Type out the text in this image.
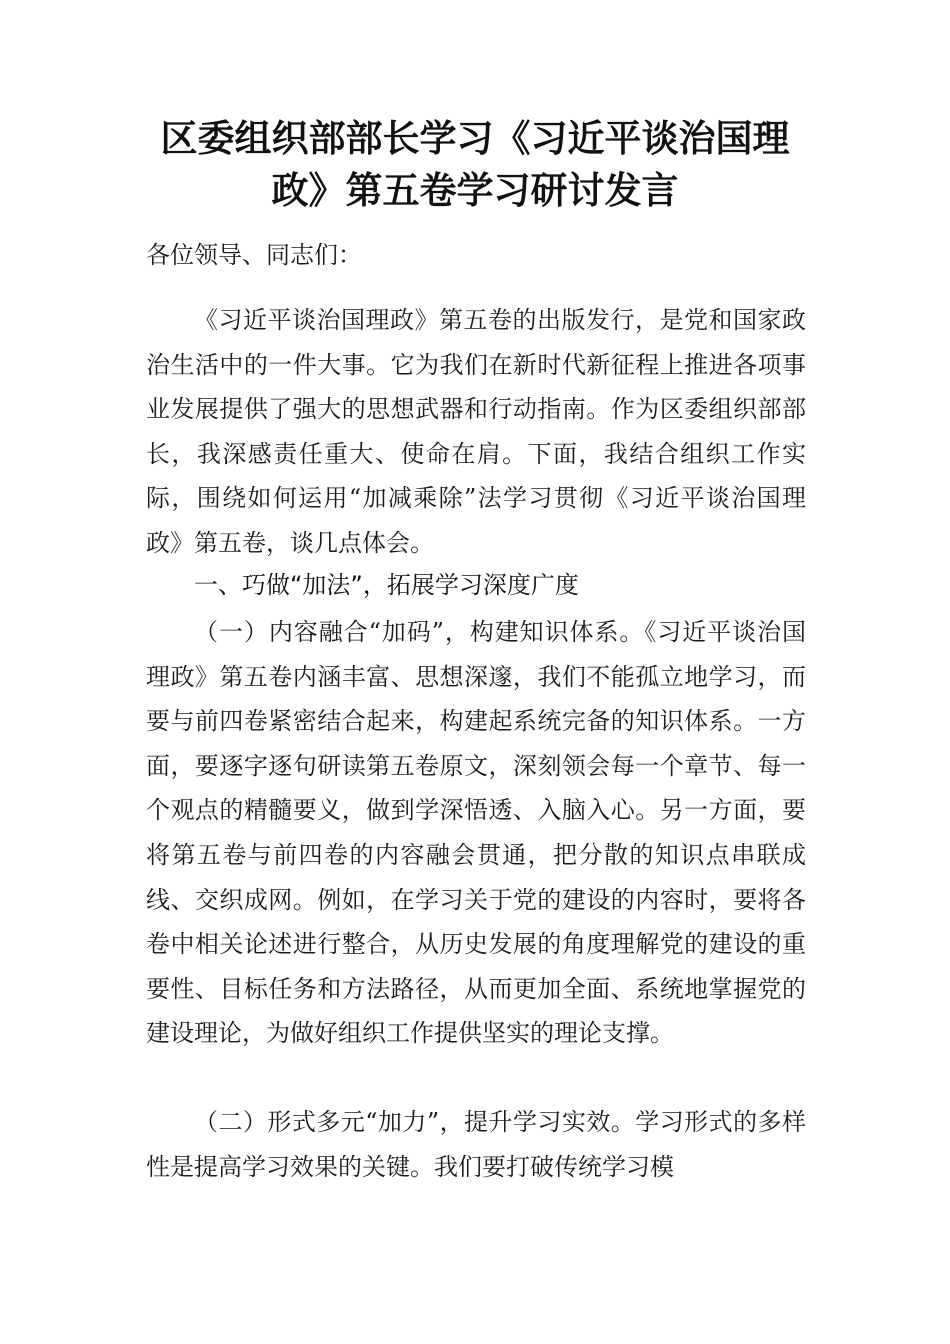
区委组织部部长学习《习近平谈治国理
政》第五卷学习研讨发言
各位领导、同志们：

《习近平谈治国理政》第五卷的出版发行，是党和国家政治生活中的一件大事。它为我们在新时代新征程上推进各项事业发展提供了强大的思想武器和行动指南。作为区委组织部部长，我深感责任重大、使命在肩。下面，我结合组织工作实际，围绕如何运用“加减乘除”法学习贯彻《习近平谈治国理政》第五卷，谈几点体会。

一、巧做“加法”，拓展学习深度广度

（一）内容融合“加码”，构建知识体系。《习近平谈治国理政》第五卷内涵丰富、思想深邃，我们不能孤立地学习，而要与前四卷紧密结合起来，构建起系统完备的知识体系。一方面，要逐字逐句研读第五卷原文，深刻领会每一个章节、每一个观点的精髓要义，做到学深悟透、入脑入心。另一方面，要将第五卷与前四卷的内容融会贯通，把分散的知识点串联成线、交织成网。例如，在学习关于党的建设的内容时，要将各卷中相关论述进行整合，从历史发展的角度理解党的建设的重要性、目标任务和方法路径，从而更加全面、系统地掌握党的建设理论，为做好组织工作提供坚实的理论支撑。

（二）形式多元“加力”，提升学习实效。学习形式的多样性是提高学习效果的关键。我们要打破传统学习模
